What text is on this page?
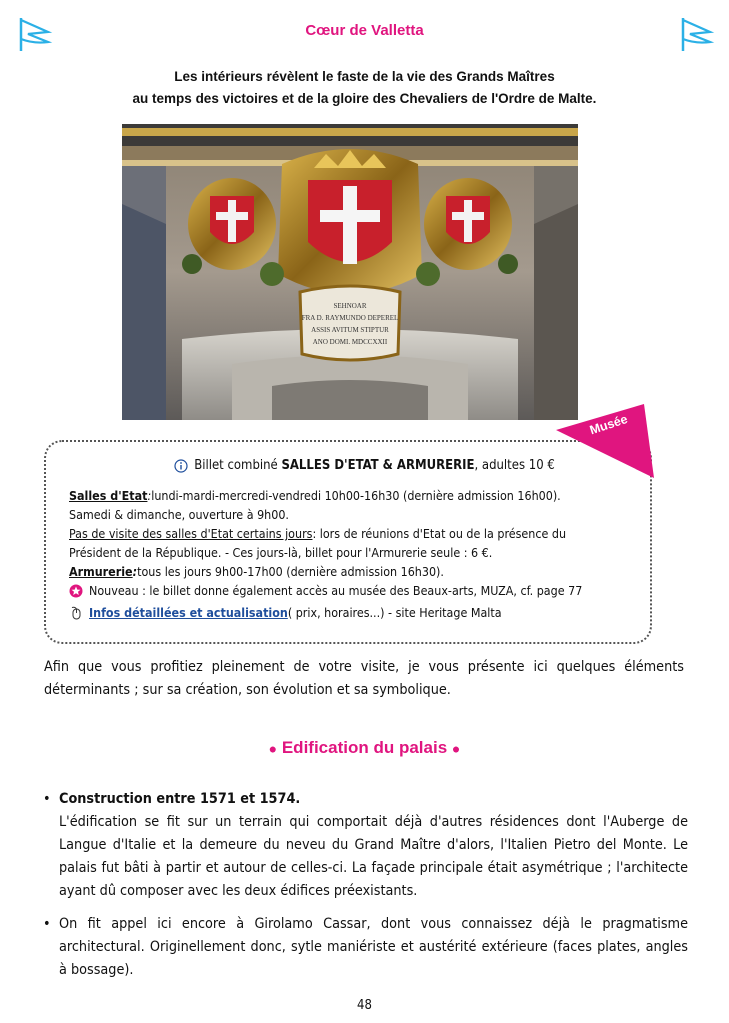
Cœur de Valletta
Les intérieurs révèlent le faste de la vie des Grands Maîtres
au temps des victoires et de la gloire des Chevaliers de l'Ordre de Malte.
SEHNOAR
FRA D. RAYMUNDO DEPEREL
ASSIS AVITUM STIPTUR
ANO DOMI. MDCCXXII
Musée
Billet combiné SALLES D'ETAT & ARMURERIE, adultes 10 €
Salles d'Etat : lundi-mardi-mercredi-vendredi 10h00-16h30 (dernière admission 16h00).
Samedi & dimanche, ouverture à 9h00.
Pas de visite des salles d'Etat certains jours : lors de réunions d'Etat ou de la présence du
Président de la République. - Ces jours-là, billet pour l'Armurerie seule : 6 €.
Armurerie : tous les jours 9h00-17h00 (dernière admission 16h30).
Nouveau : le billet donne également accès au musée des Beaux-arts, MUZA, cf. page 77
Infos détaillées et actualisation ( prix, horaires...) - site Heritage Malta
Afin que vous profitiez pleinement de votre visite, je vous présente ici quelques éléments déterminants ; sur sa création, son évolution et sa symbolique.
● Edification du palais ●
• Construction entre 1571 et 1574.
L'édification se fit sur un terrain qui comportait déjà d'autres résidences dont l'Auberge de Langue d'Italie et la demeure du neveu du Grand Maître d'alors, l'Italien Pietro del Monte. Le palais fut bâti à partir et autour de celles-ci. La façade principale était asymétrique ; l'architecte ayant dû composer avec les deux édifices préexistants.
• On fit appel ici encore à Girolamo Cassar, dont vous connaissez déjà le pragmatisme architectural. Originellement donc, sytle maniériste et austérité extérieure (faces plates, angles à bossage).
48
